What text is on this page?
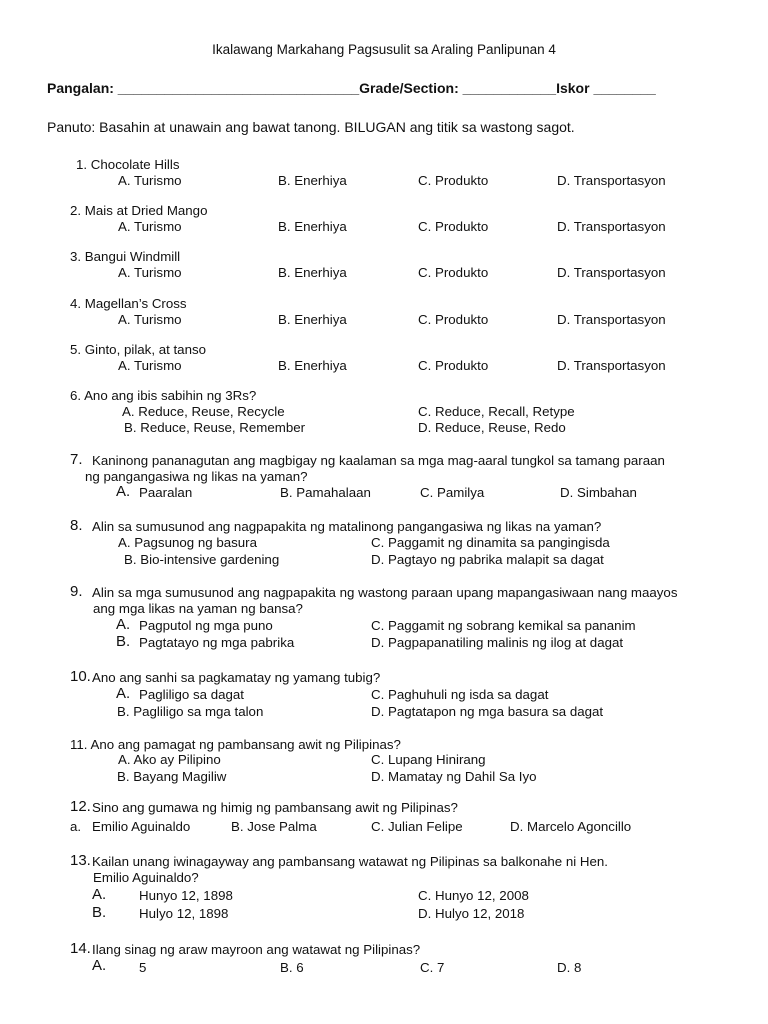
Ikalawang Markahang Pagsusulit sa Araling Panlipunan 4
Pangalan: _______________________________Grade/Section: ____________Iskor ________
Panuto: Basahin at unawain ang bawat tanong. BILUGAN ang titik sa wastong sagot.
1. Chocolate Hills
A. Turismo	B. Enerhiya	C. Produkto	D. Transportasyon
2. Mais at Dried Mango
A. Turismo	B. Enerhiya	C. Produkto	D. Transportasyon
3. Bangui Windmill
A. Turismo	B. Enerhiya	C. Produkto	D. Transportasyon
4. Magellan’s Cross
A. Turismo	B. Enerhiya	C. Produkto	D. Transportasyon
5. Ginto, pilak, at tanso
A. Turismo	B. Enerhiya	C. Produkto	D. Transportasyon
6. Ano ang ibis sabihin ng 3Rs?
A. Reduce, Reuse, Recycle	C. Reduce, Recall, Retype
B. Reduce, Reuse, Remember	D. Reduce, Reuse, Redo
7. Kaninong pananagutan ang magbigay ng kaalaman sa mga mag-aaral tungkol sa tamang paraan
ng pangangasiwa ng likas na yaman?
A. Paaralan	B. Pamahalaan	C. Pamilya	D. Simbahan
8. Alin sa sumusunod ang nagpapakita ng matalinong pangangasiwa ng likas na yaman?
A. Pagsunog ng basura	C. Paggamit ng dinamita sa pangingisda
B. Bio-intensive gardening	D. Pagtayo ng pabrika malapit sa dagat
9. Alin sa mga sumusunod ang nagpapakita ng wastong paraan upang mapangasiwaan nang maayos
ang mga likas na yaman ng bansa?
A. Pagputol ng mga puno	C. Paggamit ng sobrang kemikal sa pananim
B. Pagtatayo ng mga pabrika	D. Pagpapanatiling malinis ng ilog at dagat
10. Ano ang sanhi sa pagkamatay ng yamang tubig?
A. Pagliligo sa dagat	C. Paghuhuli ng isda sa dagat
B. Pagliligo sa mga talon	D. Pagtatapon ng mga basura sa dagat
11. Ano ang pamagat ng pambansang awit ng Pilipinas?
A. Ako ay Pilipino	C. Lupang Hinirang
B. Bayang Magiliw	D. Mamatay ng Dahil Sa Iyo
12. Sino ang gumawa ng himig ng pambansang awit ng Pilipinas?
a. Emilio Aguinaldo	B. Jose Palma	C. Julian Felipe	D. Marcelo Agoncillo
13. Kailan unang iwinagayway ang pambansang watawat ng Pilipinas sa balkonahe ni Hen.
Emilio Aguinaldo?
A. Hunyo 12, 1898	C. Hunyo 12, 2008
B. Hulyo 12, 1898	D. Hulyo 12, 2018
14. Ilang sinag ng araw mayroon ang watawat ng Pilipinas?
A. 5	B. 6	C. 7	D. 8
